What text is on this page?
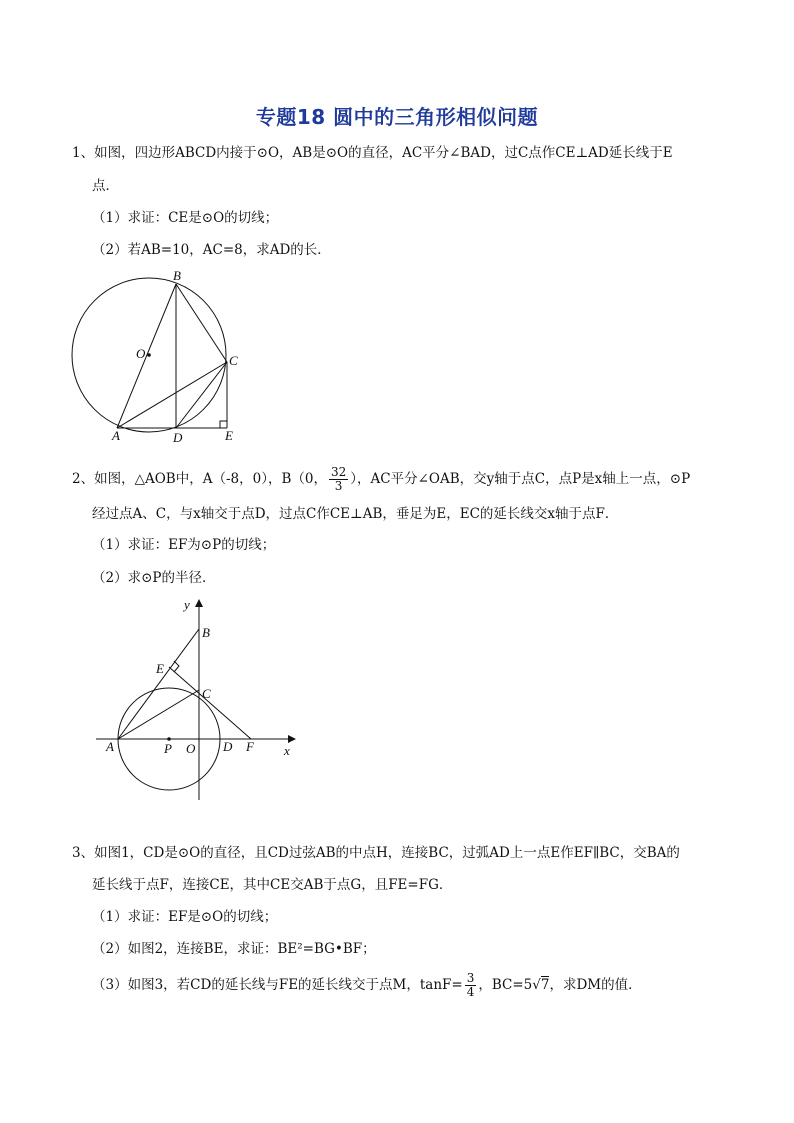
专题18 圆中的三角形相似问题
1、如图，四边形ABCD内接于⊙O，AB是⊙O的直径，AC平分∠BAD，过C点作CE⊥AD延长线于E
点．
（1）求证：CE是⊙O的切线；
（2）若AB=10，AC=8，求AD的长．
B
O	C
A	D	E
2、如图，△AOB中，A（-8，0），B（0， $\frac{32}{3}$ ），AC平分∠OAB，交y轴于点C，点P是x轴上一点，⊙P
经过点A、C，与x轴交于点D，过点C作CE⊥AB，垂足为E，EC的延长线交x轴于点F．
（1）求证：EF为⊙P的切线；
（2）求⊙P的半径．
y
x
B
E
C
A	P O D F
3、如图1，CD是⊙O的直径，且CD过弦AB的中点H，连接BC，过弧AD上一点E作EF∥BC，交BA的
延长线于点F，连接CE，其中CE交AB于点G，且FE=FG．
（1）求证：EF是⊙O的切线；
（2）如图2，连接BE，求证：BE²=BG•BF；
（3）如图3，若CD的延长线与FE的延长线交于点M，$\tan F= \frac{3}{4}$ ，BC=5√7，求DM的值．
